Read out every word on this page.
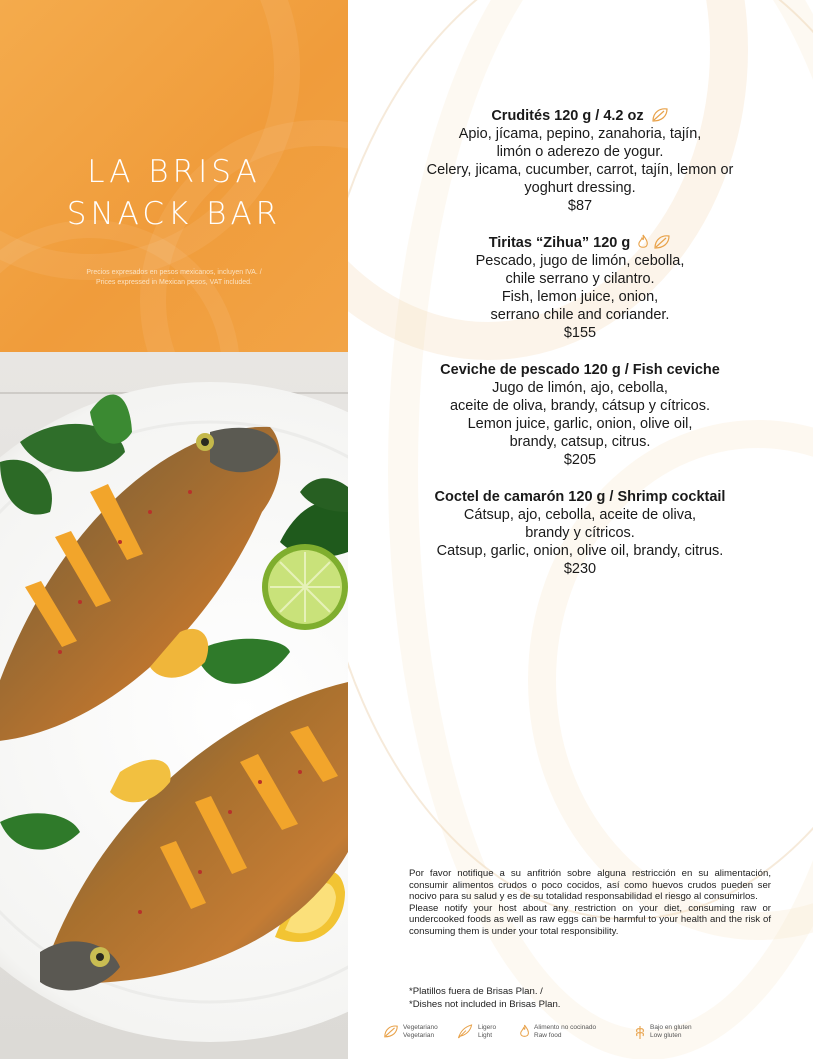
LA BRISA
SNACK BAR
Precios expresados en pesos mexicanos, incluyen IVA. /
Prices expressed in Mexican pesos, VAT included.
Crudités 120 g / 4.2 oz
Apio, jícama, pepino, zanahoria, tajín,
limón o aderezo de yogur.
Celery, jicama, cucumber, carrot, tajín, lemon or
yoghurt dressing.
$87
Tiritas “Zihua” 120 g
Pescado, jugo de limón, cebolla,
chile serrano y cilantro.
Fish, lemon juice, onion,
serrano chile and coriander.
$155
Ceviche de pescado 120 g / Fish ceviche
Jugo de limón, ajo, cebolla,
aceite de oliva, brandy, cátsup y cítricos.
Lemon juice, garlic, onion, olive oil,
brandy, catsup, citrus.
$205
Coctel de camarón 120 g / Shrimp cocktail
Cátsup, ajo, cebolla, aceite de oliva,
brandy y cítricos.
Catsup, garlic, onion, olive oil, brandy, citrus.
$230
Por favor notifique a su anfitrión sobre alguna restricción en su alimentación, consumir alimentos crudos o poco cocidos, así como huevos crudos pueden ser nocivo para su salud y es de su totalidad responsabilidad el riesgo al consumirlos.
Please notify your host about any restriction on your diet, consuming raw or undercooked foods as well as raw eggs can be harmful to your health and the risk of consuming them is under your total responsibility.
*Platillos fuera de Brisas Plan. /
*Dishes not included in Brisas Plan.
Vegetariano
Vegetarian
Ligero
Light
Alimento no cocinado
Raw food
Bajo en gluten
Low gluten
